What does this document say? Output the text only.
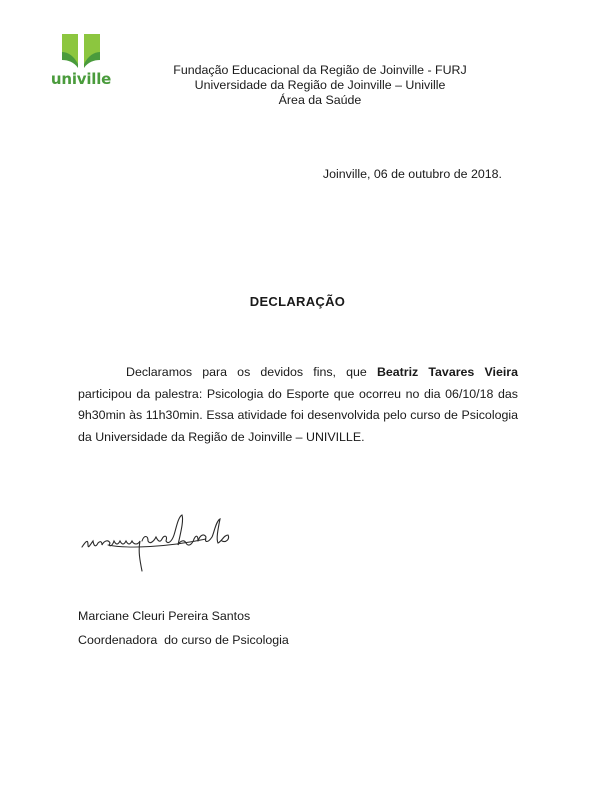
univille	Fundação Educacional da Região de Joinville - FURJ
Universidade da Região de Joinville – Univille
Área da Saúde
Joinville, 06 de outubro de 2018.
DECLARAÇÃO
Declaramos para os devidos fins, que Beatriz Tavares Vieira participou da palestra: Psicologia do Esporte que ocorreu no dia 06/10/18 das 9h30min às 11h30min. Essa atividade foi desenvolvida pelo curso de Psicologia da Universidade da Região de Joinville – UNIVILLE.
Marciane Cleuri Pereira Santos
Coordenadora  do curso de Psicologia
